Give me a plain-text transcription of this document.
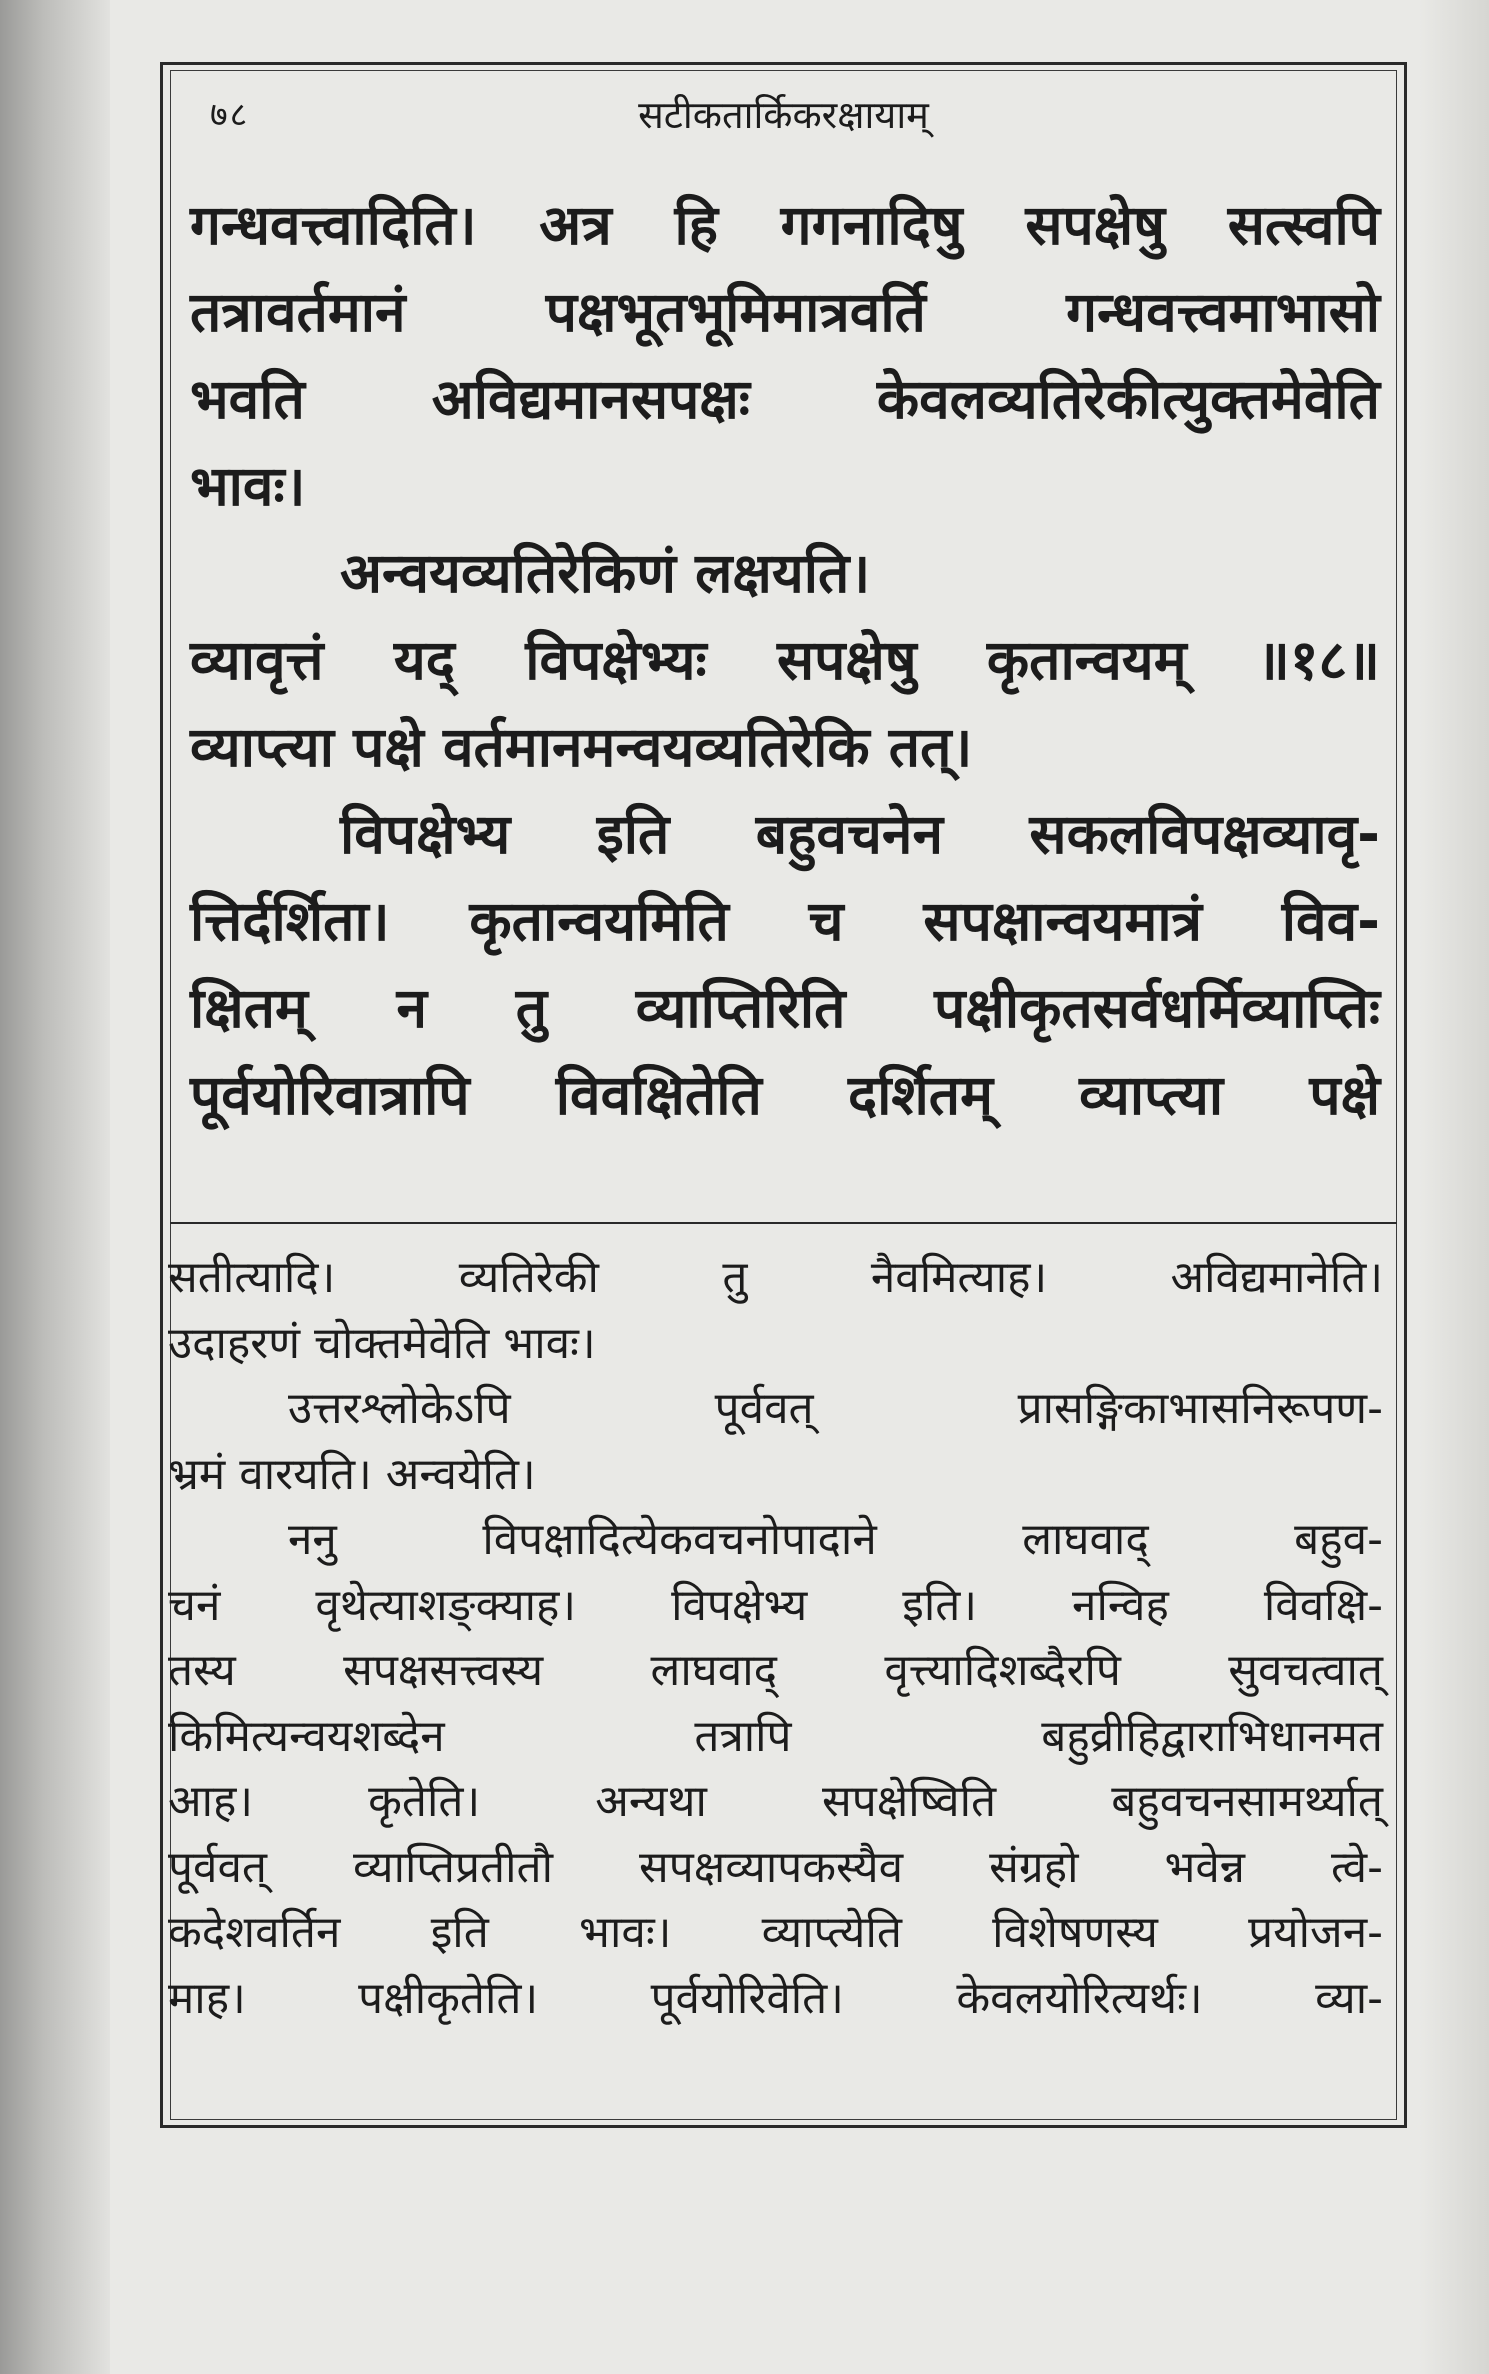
७८	सटीकतार्किकरक्षायाम्
गन्धवत्त्वादिति। अत्र हि गगनादिषु सपक्षेषु सत्स्वपि
तत्रावर्तमानं पक्षभूतभूमिमात्रवर्ति गन्धवत्त्वमाभासो
भवति अविद्यमानसपक्षः केवलव्यतिरेकीत्युक्तमेवेति
भावः।
अन्वयव्यतिरेकिणं लक्षयति।
व्यावृत्तं यद् विपक्षेभ्यः सपक्षेषु कृतान्वयम् ॥१८॥
व्याप्त्या पक्षे वर्तमानमन्वयव्यतिरेकि तत्।
विपक्षेभ्य इति बहुवचनेन सकलविपक्षव्यावृ-
त्तिर्दर्शिता। कृतान्वयमिति च सपक्षान्वयमात्रं विव-
क्षितम् न तु व्याप्तिरिति पक्षीकृतसर्वधर्मिव्याप्तिः
पूर्वयोरिवात्रापि विवक्षितेति दर्शितम् व्याप्त्या पक्षे
सतीत्यादि। व्यतिरेकी तु नैवमित्याह। अविद्यमानेति।
उदाहरणं चोक्तमेवेति भावः।
उत्तरश्लोकेऽपि पूर्ववत् प्रासङ्गिकाभासनिरूपण-
भ्रमं वारयति। अन्वयेति।
ननु विपक्षादित्येकवचनोपादाने लाघवाद् बहुव-
चनं वृथेत्याशङ्क्याह। विपक्षेभ्य इति। नन्विह विवक्षि-
तस्य सपक्षसत्त्वस्य लाघवाद् वृत्त्यादिशब्दैरपि सुवचत्वात्
किमित्यन्वयशब्देन तत्रापि बहुव्रीहिद्वाराभिधानमत
आह। कृतेति। अन्यथा सपक्षेष्विति बहुवचनसामर्थ्यात्
पूर्ववत् व्याप्तिप्रतीतौ सपक्षव्यापकस्यैव संग्रहो भवेन्न त्वे-
कदेशवर्तिन इति भावः। व्याप्त्येति विशेषणस्य प्रयोजन-
माह। पक्षीकृतेति। पूर्वयोरिवेति। केवलयोरित्यर्थः। व्या-
